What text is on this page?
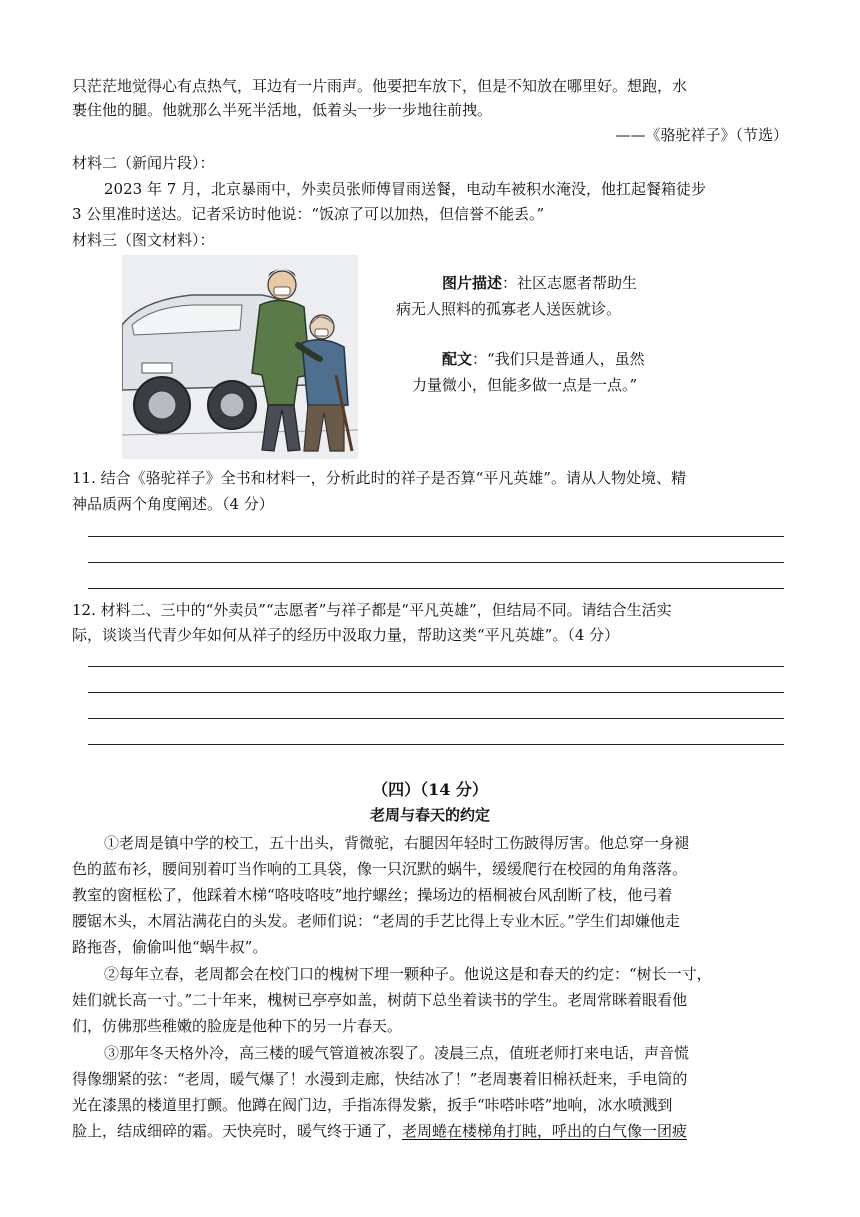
只茫茫地觉得心有点热气，耳边有一片雨声。他要把车放下，但是不知放在哪里好。想跑，水
裹住他的腿。他就那么半死半活地，低着头一步一步地往前拽。
——《骆驼祥子》（节选）
材料二（新闻片段）：
2023 年 7 月，北京暴雨中，外卖员张师傅冒雨送餐，电动车被积水淹没，他扛起餐箱徒步
3 公里准时送达。记者采访时他说：“饭凉了可以加热，但信誉不能丢。”
材料三（图文材料）：
图片描述：社区志愿者帮助生
病无人照料的孤寡老人送医就诊。
配文：“我们只是普通人，虽然
力量微小，但能多做一点是一点。”
11. 结合《骆驼祥子》全书和材料一，分析此时的祥子是否算“平凡英雄”。请从人物处境、精
神品质两个角度阐述。（4 分）
12. 材料二、三中的“外卖员”“志愿者”与祥子都是“平凡英雄”，但结局不同。请结合生活实
际，谈谈当代青少年如何从祥子的经历中汲取力量，帮助这类“平凡英雄”。（4 分）
（四）（14 分）
老周与春天的约定
①老周是镇中学的校工，五十出头，背微驼，右腿因年轻时工伤跛得厉害。他总穿一身褪
色的蓝布衫，腰间别着叮当作响的工具袋，像一只沉默的蜗牛，缓缓爬行在校园的角角落落。
教室的窗框松了，他踩着木梯“咯吱咯吱”地拧螺丝；操场边的梧桐被台风刮断了枝，他弓着
腰锯木头，木屑沾满花白的头发。老师们说：“老周的手艺比得上专业木匠。”学生们却嫌他走
路拖沓，偷偷叫他“蜗牛叔”。
②每年立春，老周都会在校门口的槐树下埋一颗种子。他说这是和春天的约定：“树长一寸，
娃们就长高一寸。”二十年来，槐树已亭亭如盖，树荫下总坐着读书的学生。老周常眯着眼看他
们，仿佛那些稚嫩的脸庞是他种下的另一片春天。
③那年冬天格外冷，高三楼的暖气管道被冻裂了。凌晨三点，值班老师打来电话，声音慌
得像绷紧的弦：“老周，暖气爆了！水漫到走廊，快结冰了！”老周裹着旧棉袄赶来，手电筒的
光在漆黑的楼道里打颤。他蹲在阀门边，手指冻得发紫，扳手“咔嗒咔嗒”地响，冰水喷溅到
脸上，结成细碎的霜。天快亮时，暖气终于通了，老周蜷在楼梯角打盹，呼出的白气像一团疲
